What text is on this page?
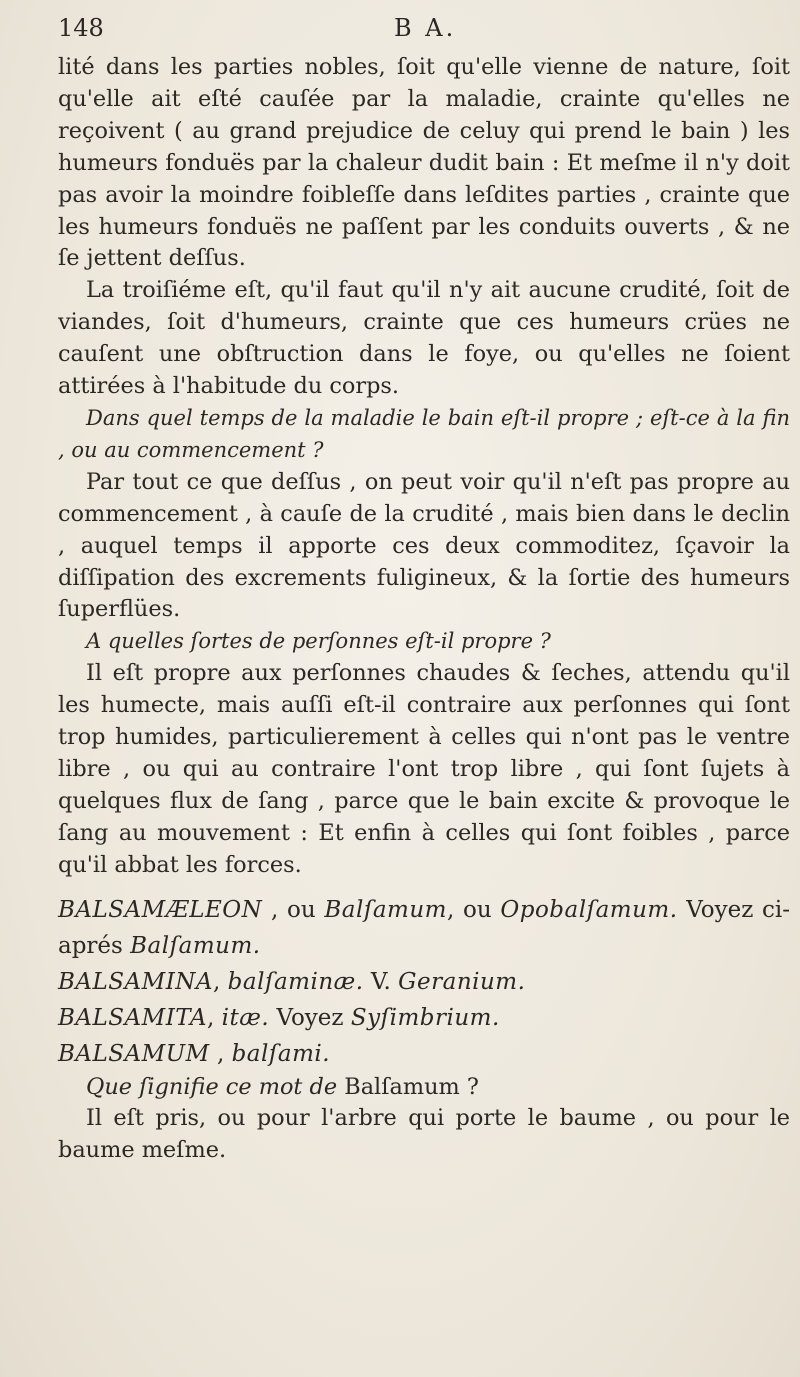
148	B A.

lité dans les parties nobles, ſoit qu'elle vienne de nature, ſoit qu'elle ait eſté cauſée par la maladie, crainte qu'elles ne reçoivent ( au grand prejudice de celuy qui prend le bain ) les humeurs fonduës par la chaleur dudit bain : Et meſme il n'y doit pas avoir la moindre foibleſſe dans leſdites parties , crainte que les humeurs fonduës ne paſſent par les conduits ouverts , & ne ſe jettent deſſus.

La troiſiéme eſt, qu'il faut qu'il n'y ait aucune crudité, ſoit de viandes, ſoit d'humeurs, crainte que ces humeurs crües ne cauſent une obſtruction dans le foye, ou qu'elles ne ſoient attirées à l'habitude du corps.

Dans quel temps de la maladie le bain eſt-il propre ; eſt-ce à la fin , ou au commencement ?

Par tout ce que deſſus , on peut voir qu'il n'eſt pas propre au commencement , à cauſe de la crudité , mais bien dans le declin , auquel temps il apporte ces deux commoditez, ſçavoir la diſſipation des excrements fuligineux, & la ſortie des humeurs ſuperflües.

A quelles ſortes de perſonnes eſt-il propre ?

Il eſt propre aux perſonnes chaudes & ſeches, attendu qu'il les humecte, mais auſſi eſt-il contraire aux perſonnes qui ſont trop humides, particulierement à celles qui n'ont pas le ventre libre , ou qui au contraire l'ont trop libre , qui ſont ſujets à quelques flux de ſang , parce que le bain excite & provoque le ſang au mouvement : Et enfin à celles qui ſont foibles , parce qu'il abbat les forces.

BALSAMÆLEON , ou Balſamum, ou Opobalſamum. Voyez ci-aprés Balſamum.
BALSAMINA, balſaminæ. V. Geranium.
BALSAMITA, itæ. Voyez Syſimbrium.
BALSAMUM , balſami.

Que ſignifie ce mot de Balſamum ?

Il eſt pris, ou pour l'arbre qui porte le baume , ou pour le baume meſme.
